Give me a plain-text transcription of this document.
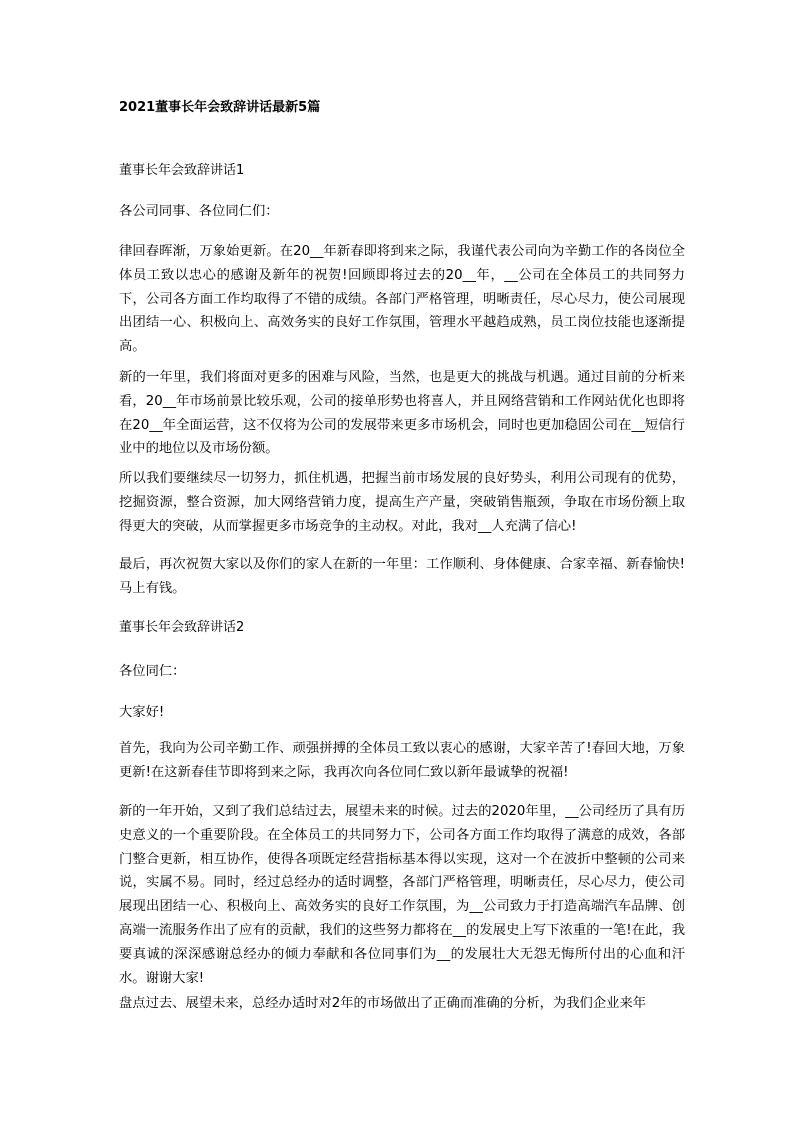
2021董事长年会致辞讲话最新5篇
董事长年会致辞讲话1
各公司同事、各位同仁们：
律回春晖渐，万象始更新。在20__年新春即将到来之际，我谨代表公司向为辛勤工作的各岗位全体员工致以忠心的感谢及新年的祝贺!回顾即将过去的20__年，__公司在全体员工的共同努力下，公司各方面工作均取得了不错的成绩。各部门严格管理，明晰责任，尽心尽力，使公司展现出团结一心、积极向上、高效务实的良好工作氛围，管理水平越趋成熟，员工岗位技能也逐渐提高。
新的一年里，我们将面对更多的困难与风险，当然，也是更大的挑战与机遇。通过目前的分析来看，20__年市场前景比较乐观，公司的接单形势也将喜人，并且网络营销和工作网站优化也即将在20__年全面运营，这不仅将为公司的发展带来更多市场机会，同时也更加稳固公司在__短信行业中的地位以及市场份额。
所以我们要继续尽一切努力，抓住机遇，把握当前市场发展的良好势头，利用公司现有的优势，挖掘资源，整合资源，加大网络营销力度，提高生产产量，突破销售瓶颈，争取在市场份额上取得更大的突破，从而掌握更多市场竞争的主动权。对此，我对__人充满了信心!
最后，再次祝贺大家以及你们的家人在新的一年里：工作顺利、身体健康、合家幸福、新春愉快!马上有钱。
董事长年会致辞讲话2
各位同仁：
大家好!
首先，我向为公司辛勤工作、顽强拼搏的全体员工致以衷心的感谢，大家辛苦了!春回大地，万象更新!在这新春佳节即将到来之际，我再次向各位同仁致以新年最诚挚的祝福!
新的一年开始，又到了我们总结过去，展望未来的时候。过去的2020年里，__公司经历了具有历史意义的一个重要阶段。在全体员工的共同努力下，公司各方面工作均取得了满意的成效，各部门整合更新，相互协作，使得各项既定经营指标基本得以实现，这对一个在波折中整顿的公司来说，实属不易。同时，经过总经办的适时调整，各部门严格管理，明晰责任，尽心尽力，使公司展现出团结一心、积极向上、高效务实的良好工作氛围，为__公司致力于打造高端汽车品牌、创高端一流服务作出了应有的贡献，我们的这些努力都将在__的发展史上写下浓重的一笔!在此，我要真诚的深深感谢总经办的倾力奉献和各位同事们为__的发展壮大无怨无悔所付出的心血和汗水。谢谢大家!
盘点过去、展望未来，总经办适时对2年的市场做出了正确而准确的分析，为我们企业来年
